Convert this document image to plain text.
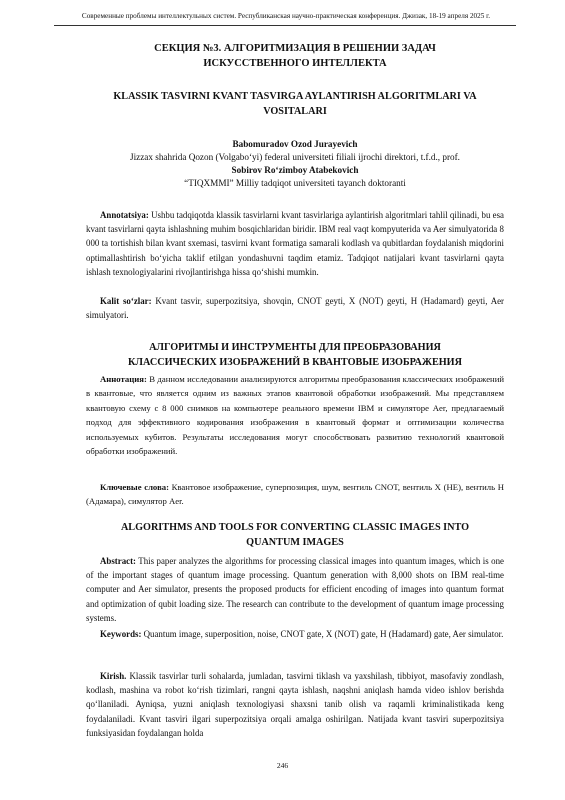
Современные проблемы интеллектульных систем. Республиканская научно-практическая конференция. Джизак, 18-19 апреля 2025 г.
СЕКЦИЯ №3. АЛГОРИТМИЗАЦИЯ В РЕШЕНИИ ЗАДАЧ
ИСКУССТВЕННОГО ИНТЕЛЛЕКТА
KLASSIK TASVIRNI KVANT TASVIRGA AYLANTIRISH ALGORITMLARI VA
VOSITALARI
Babomuradov Ozod Jurayevich
Jizzax shahrida Qozon (Volgabo‘yi) federal universiteti filiali ijrochi direktori, t.f.d., prof.
Sobirov Ro‘zimboy Atabekovich
“TIQXMMI” Milliy tadqiqot universiteti tayanch doktoranti
Annotatsiya: Ushbu tadqiqotda klassik tasvirlarni kvant tasvirlariga aylantirish algoritmlari tahlil qilinadi, bu esa kvant tasvirlarni qayta ishlashning muhim bosqichlaridan biridir. IBM real vaqt kompyuterida va Aer simulyatorida 8 000 ta tortishish bilan kvant sxemasi, tasvirni kvant formatiga samarali kodlash va qubitlardan foydalanish miqdorini optimallashtirish bo‘yicha taklif etilgan yondashuvni taqdim etamiz. Tadqiqot natijalari kvant tasvirlarni qayta ishlash texnologiyalarini rivojlantirishga hissa qo‘shishi mumkin.
Kalit so‘zlar: Kvant tasvir, superpozitsiya, shovqin, CNOT geyti, X (NOT) geyti, H (Hadamard) geyti, Aer simulyatori.
АЛГОРИТМЫ И ИНСТРУМЕНТЫ ДЛЯ ПРЕОБРАЗОВАНИЯ
КЛАССИЧЕСКИХ ИЗОБРАЖЕНИЙ В КВАНТОВЫЕ ИЗОБРАЖЕНИЯ
Аннотация: В данном исследовании анализируются алгоритмы преобразования классических изображений в квантовые, что является одним из важных этапов квантовой обработки изображений. Мы представляем квантовую схему с 8 000 снимков на компьютере реального времени IBM и симуляторе Aer, предлагаемый подход для эффективного кодирования изображения в квантовый формат и оптимизации количества используемых кубитов. Результаты исследования могут способствовать развитию технологий квантовой обработки изображений.
Ключевые слова: Квантовое изображение, суперпозиция, шум, вентиль CNOT, вентиль X (НЕ), вентиль H (Адамара), симулятор Aer.
ALGORITHMS AND TOOLS FOR CONVERTING CLASSIC IMAGES INTO
QUANTUM IMAGES
Abstract: This paper analyzes the algorithms for processing classical images into quantum images, which is one of the important stages of quantum image processing. Quantum generation with 8,000 shots on IBM real-time computer and Aer simulator, presents the proposed products for efficient encoding of images into quantum format and optimization of qubit loading size. The research can contribute to the development of quantum image processing systems.
Keywords: Quantum image, superposition, noise, CNOT gate, X (NOT) gate, H (Hadamard) gate, Aer simulator.
Kirish. Klassik tasvirlar turli sohalarda, jumladan, tasvirni tiklash va yaxshilash, tibbiyot, masofaviy zondlash, kodlash, mashina va robot ko‘rish tizimlari, rangni qayta ishlash, naqshni aniqlash hamda video ishlov berishda qo‘llaniladi. Ayniqsa, yuzni aniqlash texnologiyasi shaxsni tanib olish va raqamli kriminalistikada keng foydalaniladi. Kvant tasviri ilgari superpozitsiya orqali amalga oshirilgan. Natijada kvant tasviri superpozitsiya funksiyasidan foydalangan holda
246
